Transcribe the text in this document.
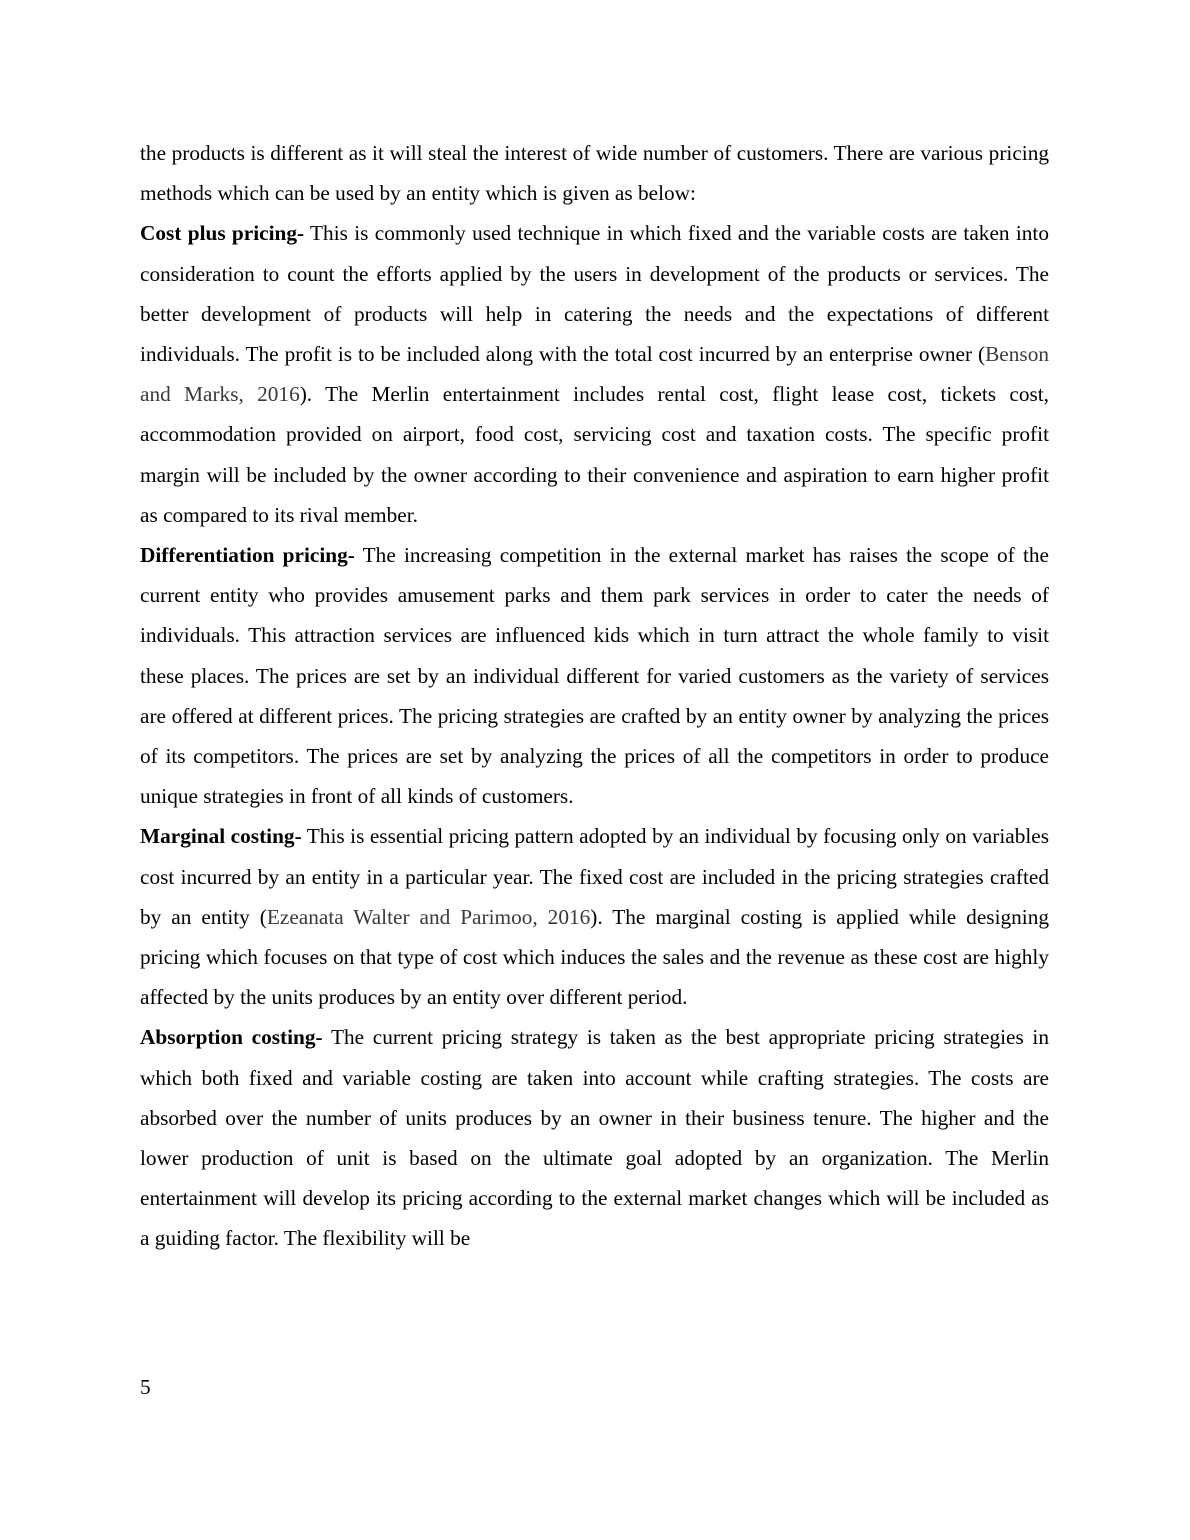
the products is different as it will steal the interest of wide number of customers. There are various pricing methods which can be used by an entity which is given as below:

Cost plus pricing- This is commonly used technique in which fixed and the variable costs are taken into consideration to count the efforts applied by the users in development of the products or services. The better development of products will help in catering the needs and the expectations of different individuals. The profit is to be included along with the total cost incurred by an enterprise owner (Benson and Marks, 2016). The Merlin entertainment includes rental cost, flight lease cost, tickets cost, accommodation provided on airport, food cost, servicing cost and taxation costs. The specific profit margin will be included by the owner according to their convenience and aspiration to earn higher profit as compared to its rival member.

Differentiation pricing- The increasing competition in the external market has raises the scope of the current entity who provides amusement parks and them park services in order to cater the needs of individuals. This attraction services are influenced kids which in turn attract the whole family to visit these places. The prices are set by an individual different for varied customers as the variety of services are offered at different prices. The pricing strategies are crafted by an entity owner by analyzing the prices of its competitors. The prices are set by analyzing the prices of all the competitors in order to produce unique strategies in front of all kinds of customers.

Marginal costing- This is essential pricing pattern adopted by an individual by focusing only on variables cost incurred by an entity in a particular year. The fixed cost are included in the pricing strategies crafted by an entity (Ezeanata Walter and Parimoo, 2016). The marginal costing is applied while designing pricing which focuses on that type of cost which induces the sales and the revenue as these cost are highly affected by the units produces by an entity over different period.

Absorption costing- The current pricing strategy is taken as the best appropriate pricing strategies in which both fixed and variable costing are taken into account while crafting strategies. The costs are absorbed over the number of units produces by an owner in their business tenure. The higher and the lower production of unit is based on the ultimate goal adopted by an organization. The Merlin entertainment will develop its pricing according to the external market changes which will be included as a guiding factor. The flexibility will be

5
